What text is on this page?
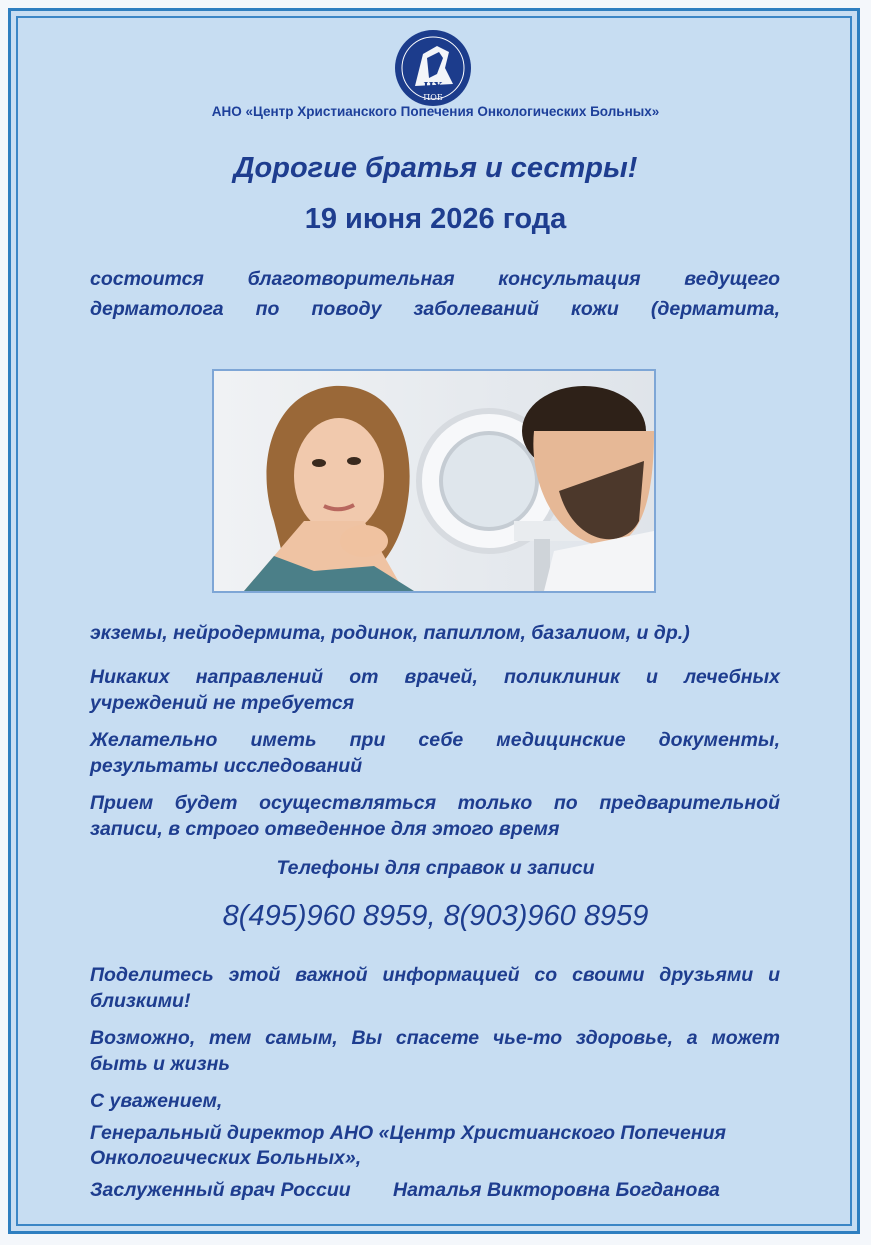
ЦХ
ПОБ
АНО «Центр Христианского Попечения Онкологических Больных»
Дорогие братья и сестры!
19 июня 2026 года
состоится благотворительная консультация ведущего
дерматолога по поводу заболеваний кожи (дерматита,
экземы, нейродермита, родинок, папиллом, базалиом, и др.)
Никаких направлений от врачей, поликлиник и лечебных
учреждений не требуется
Желательно иметь при себе медицинские документы,
результаты исследований
Прием будет осуществляться только по предварительной
записи, в строго отведенное для этого время
Телефоны для справок и записи
8(495)960 8959, 8(903)960 8959
Поделитесь этой важной информацией со своими друзьями и
близкими!
Возможно, тем самым, Вы спасете чье-то здоровье, а может
быть и жизнь
С уважением,
Генеральный директор АНО «Центр Христианского Попечения
Онкологических Больных»,
Заслуженный врач России Наталья Викторовна Богданова
